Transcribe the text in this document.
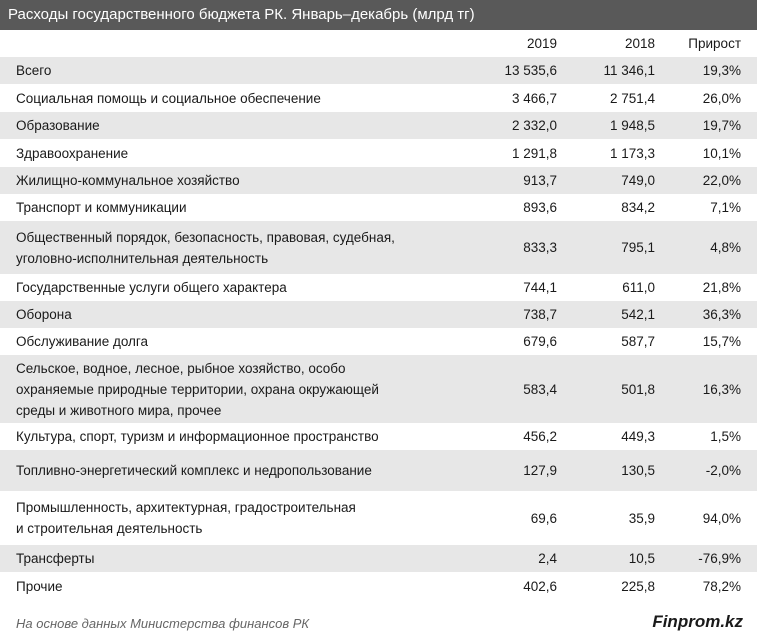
Расходы государственного бюджета РК. Январь–декабрь (млрд тг)
	2019	2018	Прирост
Всего	13 535,6	11 346,1	19,3%
Социальная помощь и социальное обеспечение	3 466,7	2 751,4	26,0%
Образование	2 332,0	1 948,5	19,7%
Здравоохранение	1 291,8	1 173,3	10,1%
Жилищно-коммунальное хозяйство	913,7	749,0	22,0%
Транспорт и коммуникации	893,6	834,2	7,1%

Общественный порядок, безопасность, правовая, судебная,
уголовно-исполнительная деятельность	833,3	795,1	4,8%
Государственные услуги общего характера	744,1	611,0	21,8%
Оборона	738,7	542,1	36,3%
Обслуживание долга	679,6	587,7	15,7%

Сельское, водное, лесное, рыбное хозяйство, особо
охраняемые природные территории, охрана окружающей
среды и животного мира, прочее	583,4	501,8	16,3%
Культура, спорт, туризм и информационное пространство	456,2	449,3	1,5%
Топливно-энергетический комплекс и недропользование	127,9	130,5	-2,0%

Промышленность, архитектурная, градостроительная
и строительная деятельность	69,6	35,9	94,0%
Трансферты	2,4	10,5	-76,9%
Прочие	402,6	225,8	78,2%
На основе данных Министерства финансов РК	Finprom.kz
